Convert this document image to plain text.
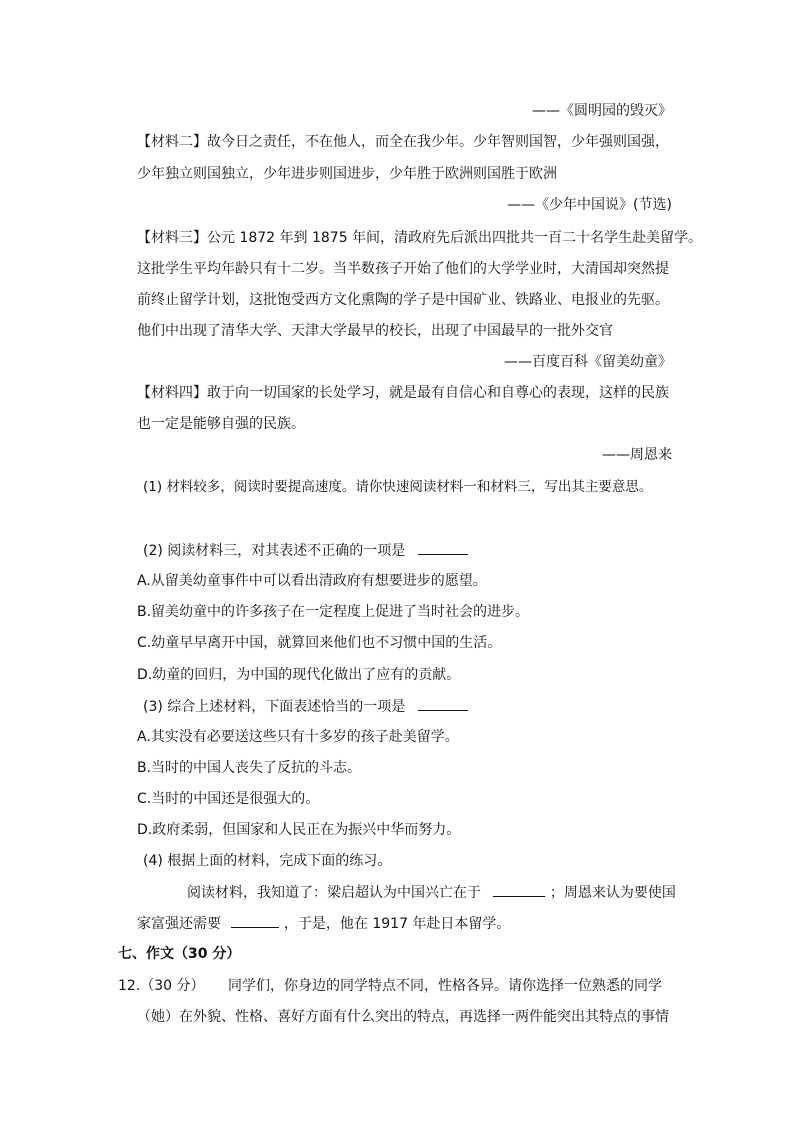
——《圆明园的毁灭》
【材料二】故今日之责任，不在他人，而全在我少年。少年智则国智，少年强则国强，
少年独立则国独立，少年进步则国进步，少年胜于欧洲则国胜于欧洲
——《少年中国说》(节选)
【材料三】公元 1872 年到 1875 年间，清政府先后派出四批共一百二十名学生赴美留学。
这批学生平均年龄只有十二岁。当半数孩子开始了他们的大学学业时，大清国却突然提
前终止留学计划，这批饱受西方文化熏陶的学子是中国矿业、铁路业、电报业的先驱。
他们中出现了清华大学、天津大学最早的校长，出现了中国最早的一批外交官
——百度百科《留美幼童》
【材料四】敢于向一切国家的长处学习，就是最有自信心和自尊心的表现，这样的民族
也一定是能够自强的民族。
——周恩来
(1) 材料较多，阅读时要提高速度。请你快速阅读材料一和材料三，写出其主要意思。
(2) 阅读材料三，对其表述不正确的一项是
A.从留美幼童事件中可以看出清政府有想要进步的愿望。
B.留美幼童中的许多孩子在一定程度上促进了当时社会的进步。
C.幼童早早离开中国，就算回来他们也不习惯中国的生活。
D.幼童的回归，为中国的现代化做出了应有的贡献。
(3) 综合上述材料，下面表述恰当的一项是
A.其实没有必要送这些只有十多岁的孩子赴美留学。
B.当时的中国人丧失了反抗的斗志。
C.当时的中国还是很强大的。
D.政府柔弱，但国家和人民正在为振兴中华而努力。
(4) 根据上面的材料，完成下面的练习。
阅读材料，我知道了：梁启超认为中国兴亡在于	；周恩来认为要使国
家富强还需要	，于是，他在 1917 年赴日本留学。
七、作文（30 分）
12.（30 分） 同学们，你身边的同学特点不同，性格各异。请你选择一位熟悉的同学
（她）在外貌、性格、喜好方面有什么突出的特点，再选择一两件能突出其特点的事情
